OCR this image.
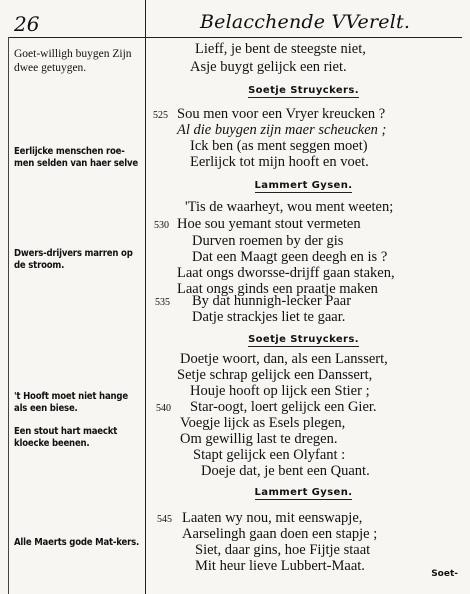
26	Belacchende VVerelt.
Goet-willigh buygen Zijn dwee getuygen.
Eerlijcke menschen roe-men selden van haer selve
Dwers-drijvers marren op de stroom.
't Hooft moet niet hange als een biese.
Een stout hart maeckt kloecke beenen.
Alle Maerts gode Mat-kers.
Lieff, je bent de steegste niet,
Asje buygt gelijck een riet.
Soetje Struyckers.
525 Sou men voor een Vryer kreucken ?
Al die buygen zijn maer scheucken ;
Ick ben (as ment seggen moet)
Eerlijck tot mijn hooft en voet.
Lammert Gysen.
'Tis de waarheyt, wou ment weeten;
530 Hoe sou yemant stout vermeten
Durven roemen by der gis
Dat een Maagt geen deegh en is ?
Laat ongs dworsse-drijff gaan staken,
Laat ongs ginds een praatje maken
535 By dat hunnigh-lecker Paar
Datje strackjes liet te gaar.
Soetje Struyckers.
Doetje woort, dan, als een Lanssert,
Setje schrap gelijck een Danssert,
Houje hooft op lijck een Stier ;
540 Star-oogt, loert gelijck een Gier.
Voegje lijck as Esels plegen,
Om gewillig last te dregen.
Stapt gelijck een Olyfant :
Doeje dat, je bent een Quant.
Lammert Gysen.
545 Laaten wy nou, mit eenswapje,
Aarselingh gaan doen een stapje ;
Siet, daar gins, hoe Fijtje staat
Mit heur lieve Lubbert-Maat.	Soet-
